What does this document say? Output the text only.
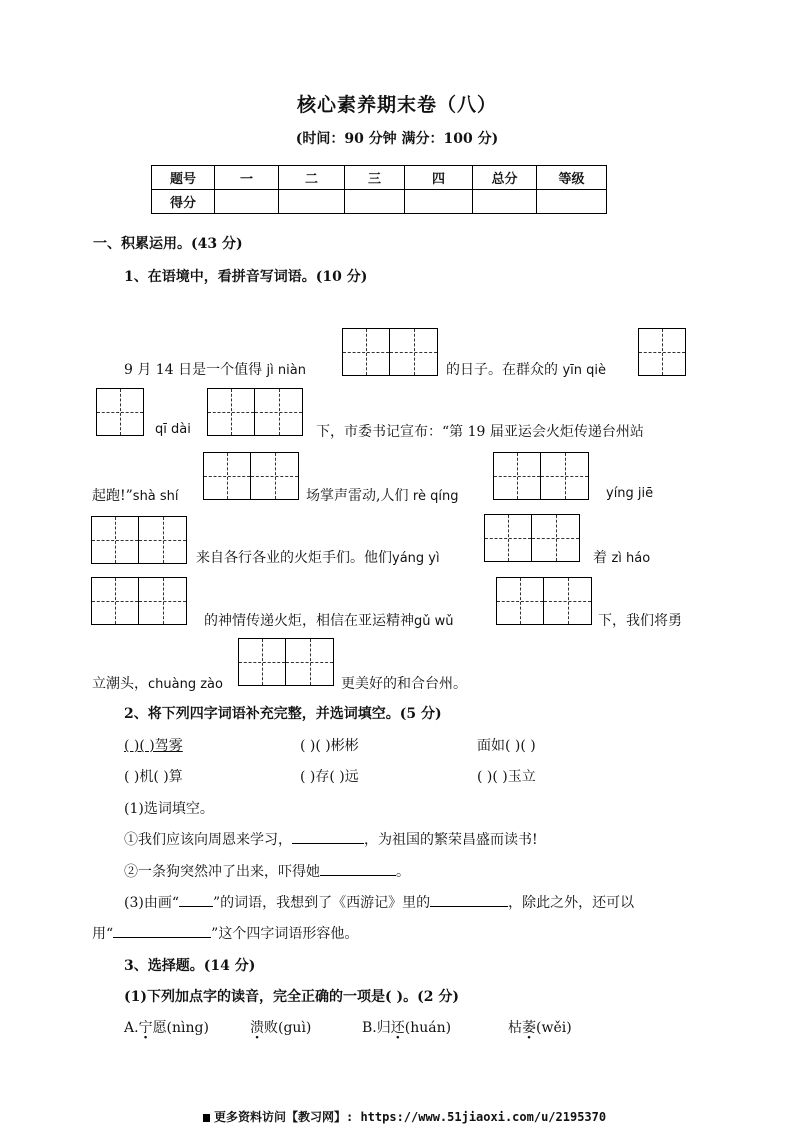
核心素养期末卷（八）
(时间：90 分钟 满分：100 分)
题号	一	二	三	四	总分	等级
得分						
一、积累运用。(43 分)
1、在语境中，看拼音写词语。(10 分)
9 月 14 日是一个值得 jì niàn	的日子。在群众的 yīn qiè
qī dài	下，市委书记宣布：“第 19 届亚运会火炬传递台州站
起跑!”shà shí	场掌声雷动,人们 rè qíng	yíng jiē
来自各行各业的火炬手们。他们yáng yì	着 zì háo
的神情传递火炬，相信在亚运精神gǔ wǔ	下，我们将勇
立潮头，chuàng zào	更美好的和合台州。
2、将下列四字词语补充完整，并选词填空。(5 分)
( )( )驾雾	( )( )彬彬	面如( )( )
( )机( )算	( )存( )远	( )( )玉立
(1)选词填空。
①我们应该向周恩来学习，	，为祖国的繁荣昌盛而读书!
②一条狗突然冲了出来，吓得她	。
(3)由画“ ”的词语，我想到了《西游记》里的	，除此之外，还可以
用“	”这个四字词语形容他。
3、选择题。(14 分)
(1)下列加点字的读音，完全正确的一项是( )。(2 分)
A.宁愿(nìng)	溃败(guì)	B.归还(huán)	枯萎(wěi)
更多资料访问【教习网】: https://www.51jiaoxi.com/u/2195370
